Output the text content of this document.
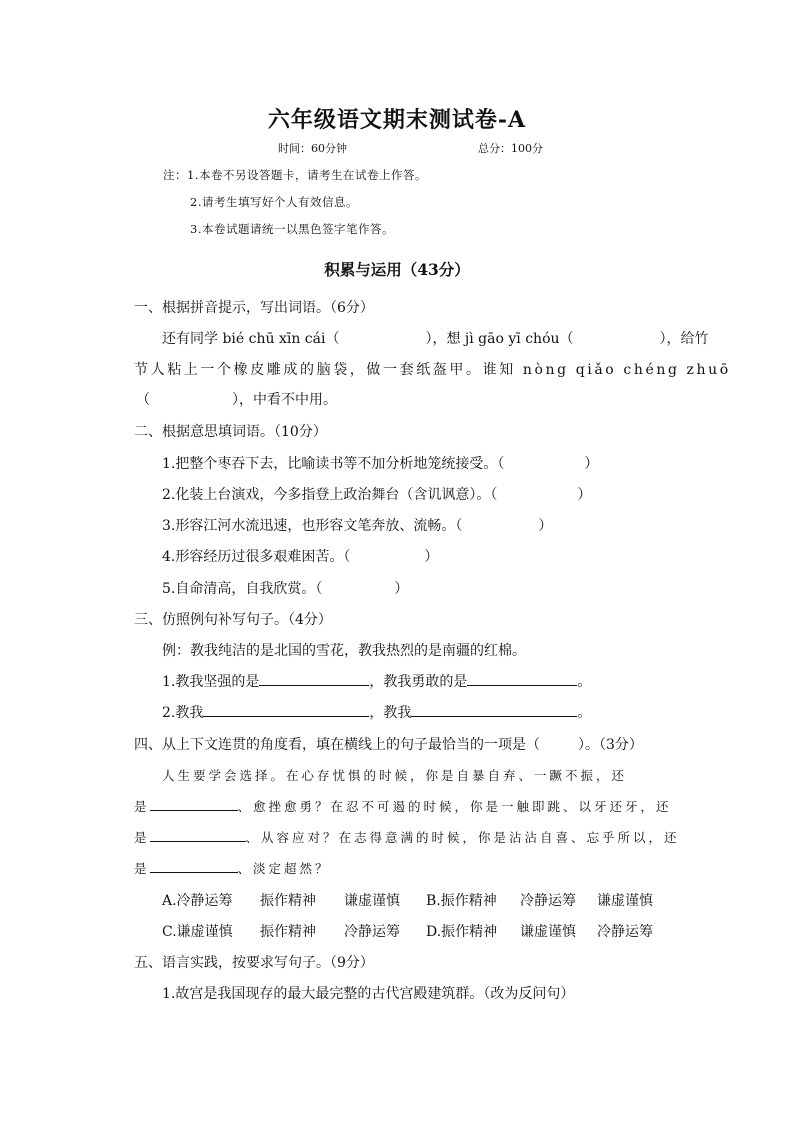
六年级语文期末测试卷-A
时间：60分钟	总分：100分
注：1.本卷不另设答题卡，请考生在试卷上作答。
2.请考生填写好个人有效信息。
3.本卷试题请统一以黑色签字笔作答。
积累与运用（43分）
一、根据拼音提示，写出词语。（6分）
还有同学 bié chū xīn cái（	），想 jì gāo yī chóu（	），给竹
节人粘上一个橡皮雕成的脑袋，做一套纸盔甲。谁知 nòng qiǎo chéng zhuō
（	），中看不中用。
二、根据意思填词语。（10分）
1.把整个枣吞下去，比喻读书等不加分析地笼统接受。（	）
2.化装上台演戏，今多指登上政治舞台（含讥讽意）。（	）
3.形容江河水流迅速，也形容文笔奔放、流畅。（	）
4.形容经历过很多艰难困苦。（	）
5.自命清高，自我欣赏。（	）
三、仿照例句补写句子。（4分）
例：教我纯洁的是北国的雪花，教我热烈的是南疆的红棉。
1.教我坚强的是	，教我勇敢的是	。
2.教我	，教我	。
四、从上下文连贯的角度看，填在横线上的句子最恰当的一项是（	）。（3分）
人生要学会选择。在心存忧惧的时候，你是自暴自弃、一蹶不振，还
是	、愈挫愈勇？在忍不可遏的时候，你是一触即跳、以牙还牙，还
是	、从容应对？在志得意满的时候，你是沾沾自喜、忘乎所以，还
是	、淡定超然？
A.冷静运筹 振作精神 谦虚谨慎 B.振作精神 冷静运筹 谦虚谨慎
C.谦虚谨慎 振作精神 冷静运筹 D.振作精神 谦虚谨慎 冷静运筹
五、语言实践，按要求写句子。（9分）
1.故宫是我国现存的最大最完整的古代宫殿建筑群。（改为反问句）
